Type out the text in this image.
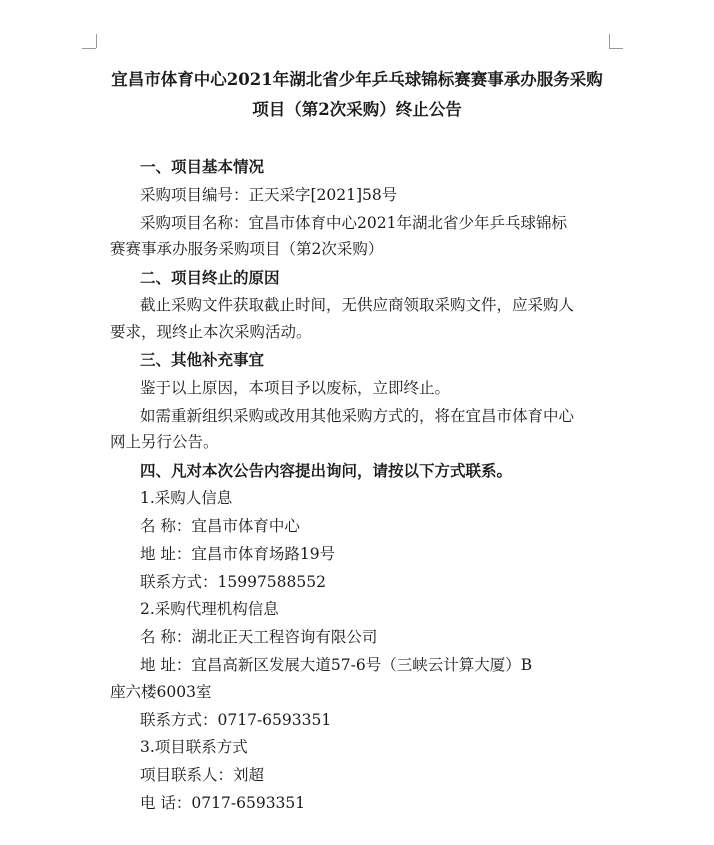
宜昌市体育中心2021年湖北省少年乒乓球锦标赛赛事承办服务采购
项目（第2次采购）终止公告
一、项目基本情况
采购项目编号：正天采字[2021]58号
采购项目名称：宜昌市体育中心2021年湖北省少年乒乓球锦标
赛赛事承办服务采购项目（第2次采购）
二、项目终止的原因
截止采购文件获取截止时间，无供应商领取采购文件，应采购人
要求，现终止本次采购活动。
三、其他补充事宜
鉴于以上原因，本项目予以废标，立即终止。
如需重新组织采购或改用其他采购方式的，将在宜昌市体育中心
网上另行公告。
四、凡对本次公告内容提出询问，请按以下方式联系。
1.采购人信息
名 称：宜昌市体育中心
地 址：宜昌市体育场路19号
联系方式：15997588552
2.采购代理机构信息
名 称：湖北正天工程咨询有限公司
地 址：宜昌高新区发展大道57-6号（三峡云计算大厦）B
座六楼6003室
联系方式：0717-6593351
3.项目联系方式
项目联系人：刘超
电 话：0717-6593351
